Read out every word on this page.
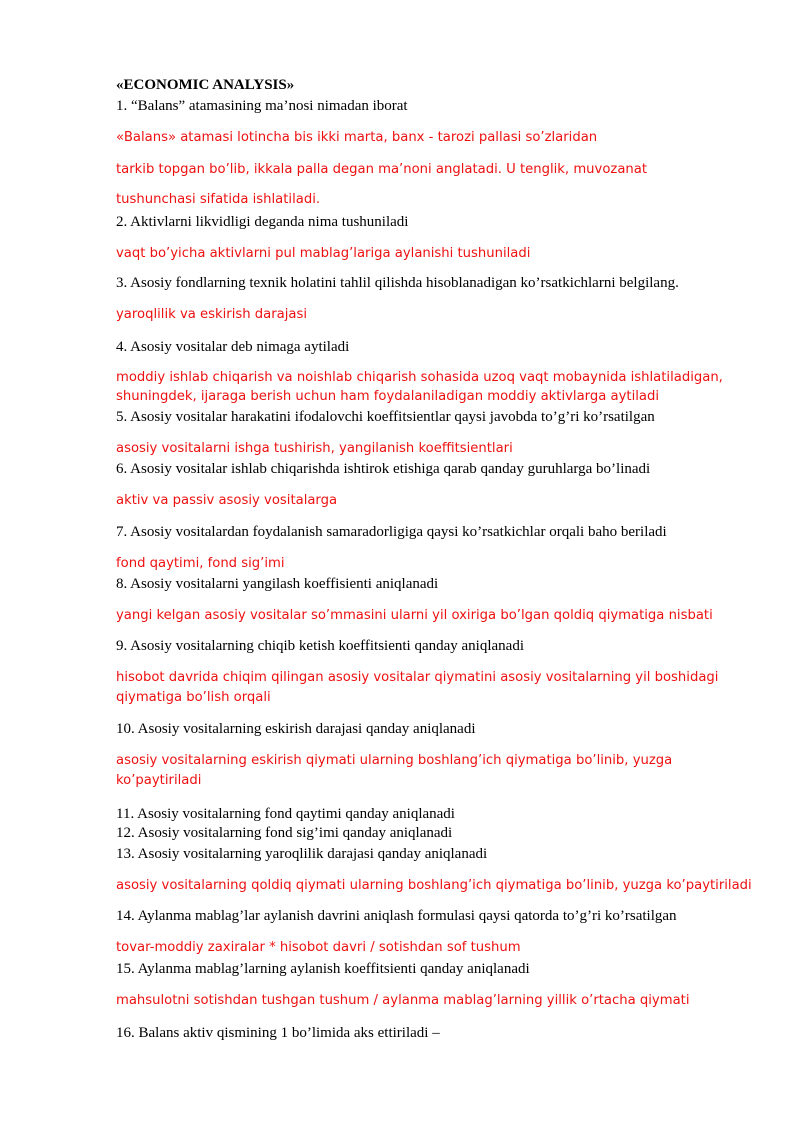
«ECONOMIC ANALYSIS»
1. “Balans” atamasining ma’nosi nimadan iborat
«Balans» atamasi lotincha bis ikki marta, banx - tarozi pallasi so’zlaridan
tarkib topgan bo’lib, ikkala palla degan ma’noni anglatadi. U tenglik, muvozanat
tushunchasi sifatida ishlatiladi.
2. Aktivlarni likvidligi deganda nima tushuniladi
vaqt bo’yicha aktivlarni pul mablag’lariga aylanishi tushuniladi
3. Asosiy fondlarning texnik holatini tahlil qilishda hisoblanadigan ko’rsatkichlarni belgilang.
yaroqlilik va eskirish darajasi
4. Asosiy vositalar deb nimaga aytiladi
moddiy ishlab chiqarish va noishlab chiqarish sohasida uzoq vaqt mobaynida ishlatiladigan,
shuningdek, ijaraga berish uchun ham foydalaniladigan moddiy aktivlarga aytiladi
5. Asosiy vositalar harakatini ifodalovchi koeffitsientlar qaysi javobda to’g’ri ko’rsatilgan
asosiy vositalarni ishga tushirish, yangilanish koeffitsientlari
6. Asosiy vositalar ishlab chiqarishda ishtirok etishiga qarab qanday guruhlarga bo’linadi
aktiv va passiv asosiy vositalarga
7. Asosiy vositalardan foydalanish samaradorligiga qaysi ko’rsatkichlar orqali baho beriladi
fond qaytimi, fond sig’imi
8. Asosiy vositalarni yangilash koeffisienti aniqlanadi
yangi kelgan asosiy vositalar so’mmasini ularni yil oxiriga bo’lgan qoldiq qiymatiga nisbati
9. Asosiy vositalarning chiqib ketish koeffitsienti qanday aniqlanadi
hisobot davrida chiqim qilingan asosiy vositalar qiymatini asosiy vositalarning yil boshidagi
qiymatiga bo’lish orqali
10. Asosiy vositalarning eskirish darajasi qanday aniqlanadi
asosiy vositalarning eskirish qiymati ularning boshlang’ich qiymatiga bo’linib, yuzga
ko’paytiriladi
11. Asosiy vositalarning fond qaytimi qanday aniqlanadi
12. Asosiy vositalarning fond sig’imi qanday aniqlanadi
13. Asosiy vositalarning yaroqlilik darajasi qanday aniqlanadi
asosiy vositalarning qoldiq qiymati ularning boshlang’ich qiymatiga bo’linib, yuzga ko’paytiriladi
14. Aylanma mablag’lar aylanish davrini aniqlash formulasi qaysi qatorda to’g’ri ko’rsatilgan
tovar-moddiy zaxiralar * hisobot davri / sotishdan sof tushum
15. Aylanma mablag’larning aylanish koeffitsienti qanday aniqlanadi
mahsulotni sotishdan tushgan tushum / aylanma mablag’larning yillik o’rtacha qiymati
16. Balans aktiv qismining 1 bo’limida aks ettiriladi –
